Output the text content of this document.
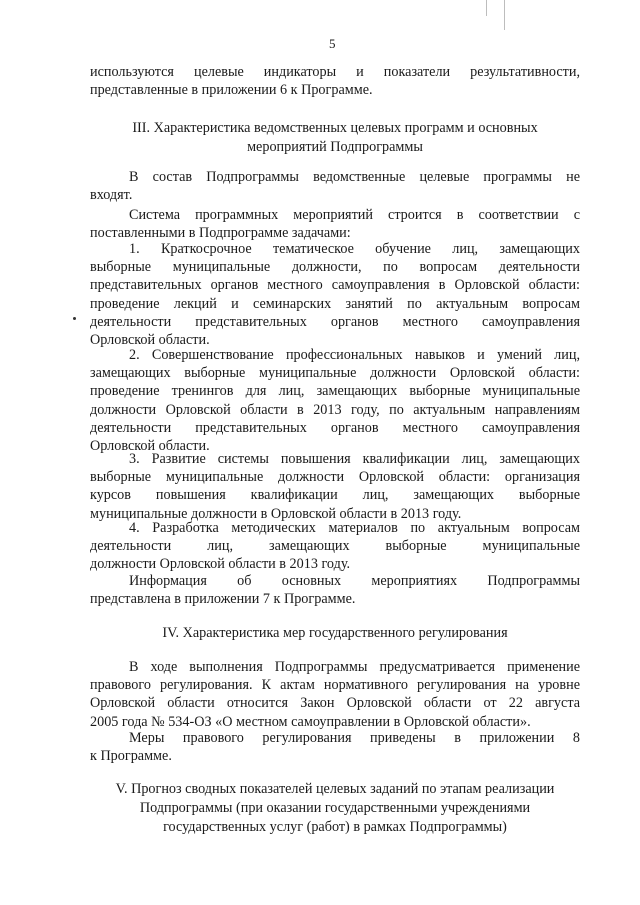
5

используются целевые индикаторы и показатели результативности,

представленные в приложении 6 к Программе.

III. Характеристика ведомственных целевых программ и основных

мероприятий Подпрограммы

В состав Подпрограммы ведомственные целевые программы не

входят.

Система программных мероприятий строится в соответствии с

поставленными в Подпрограмме задачами:

1. Краткосрочное тематическое обучение лиц, замещающих

выборные муниципальные должности, по вопросам деятельности

представительных органов местного самоуправления в Орловской области:

проведение лекций и семинарских занятий по актуальным вопросам

деятельности представительных органов местного самоуправления

Орловской области.

2. Совершенствование профессиональных навыков и умений лиц,

замещающих выборные муниципальные должности Орловской области:

проведение тренингов для лиц, замещающих выборные муниципальные

должности Орловской области в 2013 году, по актуальным направлениям

деятельности представительных органов местного самоуправления

Орловской области.

3. Развитие системы повышения квалификации лиц, замещающих

выборные муниципальные должности Орловской области: организация

курсов повышения квалификации лиц, замещающих выборные

муниципальные должности в Орловской области в 2013 году.

4. Разработка методических материалов по актуальным вопросам

деятельности лиц, замещающих выборные муниципальные

должности Орловской области в 2013 году.

Информация об основных мероприятиях Подпрограммы

представлена в приложении 7 к Программе.

IV. Характеристика мер государственного регулирования

В ходе выполнения Подпрограммы предусматривается применение

правового регулирования. К актам нормативного регулирования на уровне

Орловской области относится Закон Орловской области от 22 августа

2005 года № 534-ОЗ «О местном самоуправлении в Орловской области».

Меры правового регулирования приведены в приложении 8

к Программе.

V. Прогноз сводных показателей целевых заданий по этапам реализации

Подпрограммы (при оказании государственными учреждениями

государственных услуг (работ) в рамках Подпрограммы)
